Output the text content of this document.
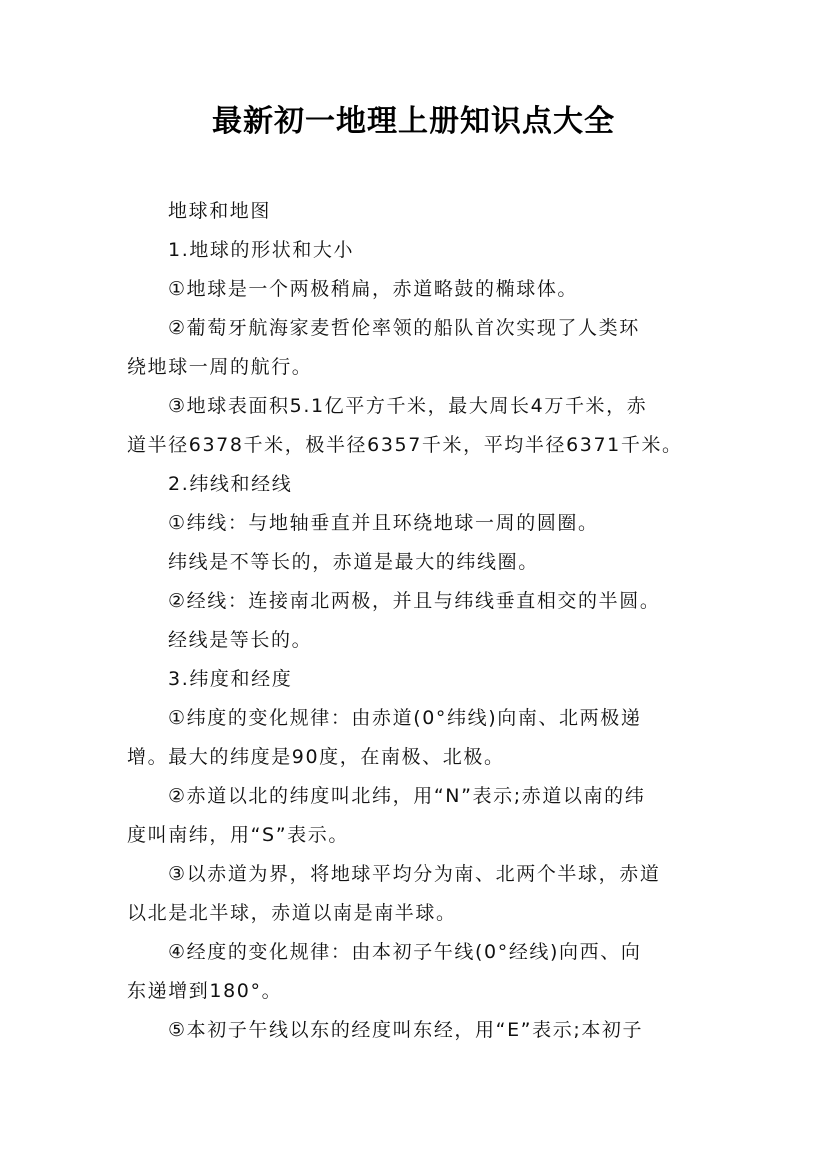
最新初一地理上册知识点大全
地球和地图
1.地球的形状和大小
①地球是一个两极稍扁，赤道略鼓的椭球体。
②葡萄牙航海家麦哲伦率领的船队首次实现了人类环
绕地球一周的航行。
③地球表面积5.1亿平方千米，最大周长4万千米，赤
道半径6378千米，极半径6357千米，平均半径6371千米。
2.纬线和经线
①纬线：与地轴垂直并且环绕地球一周的圆圈。
纬线是不等长的，赤道是最大的纬线圈。
②经线：连接南北两极，并且与纬线垂直相交的半圆。
经线是等长的。
3.纬度和经度
①纬度的变化规律：由赤道(0°纬线)向南、北两极递
增。最大的纬度是90度，在南极、北极。
②赤道以北的纬度叫北纬，用“N”表示;赤道以南的纬
度叫南纬，用“S”表示。
③以赤道为界，将地球平均分为南、北两个半球，赤道
以北是北半球，赤道以南是南半球。
④经度的变化规律：由本初子午线(0°经线)向西、向
东递增到180°。
⑤本初子午线以东的经度叫东经，用“E”表示;本初子
